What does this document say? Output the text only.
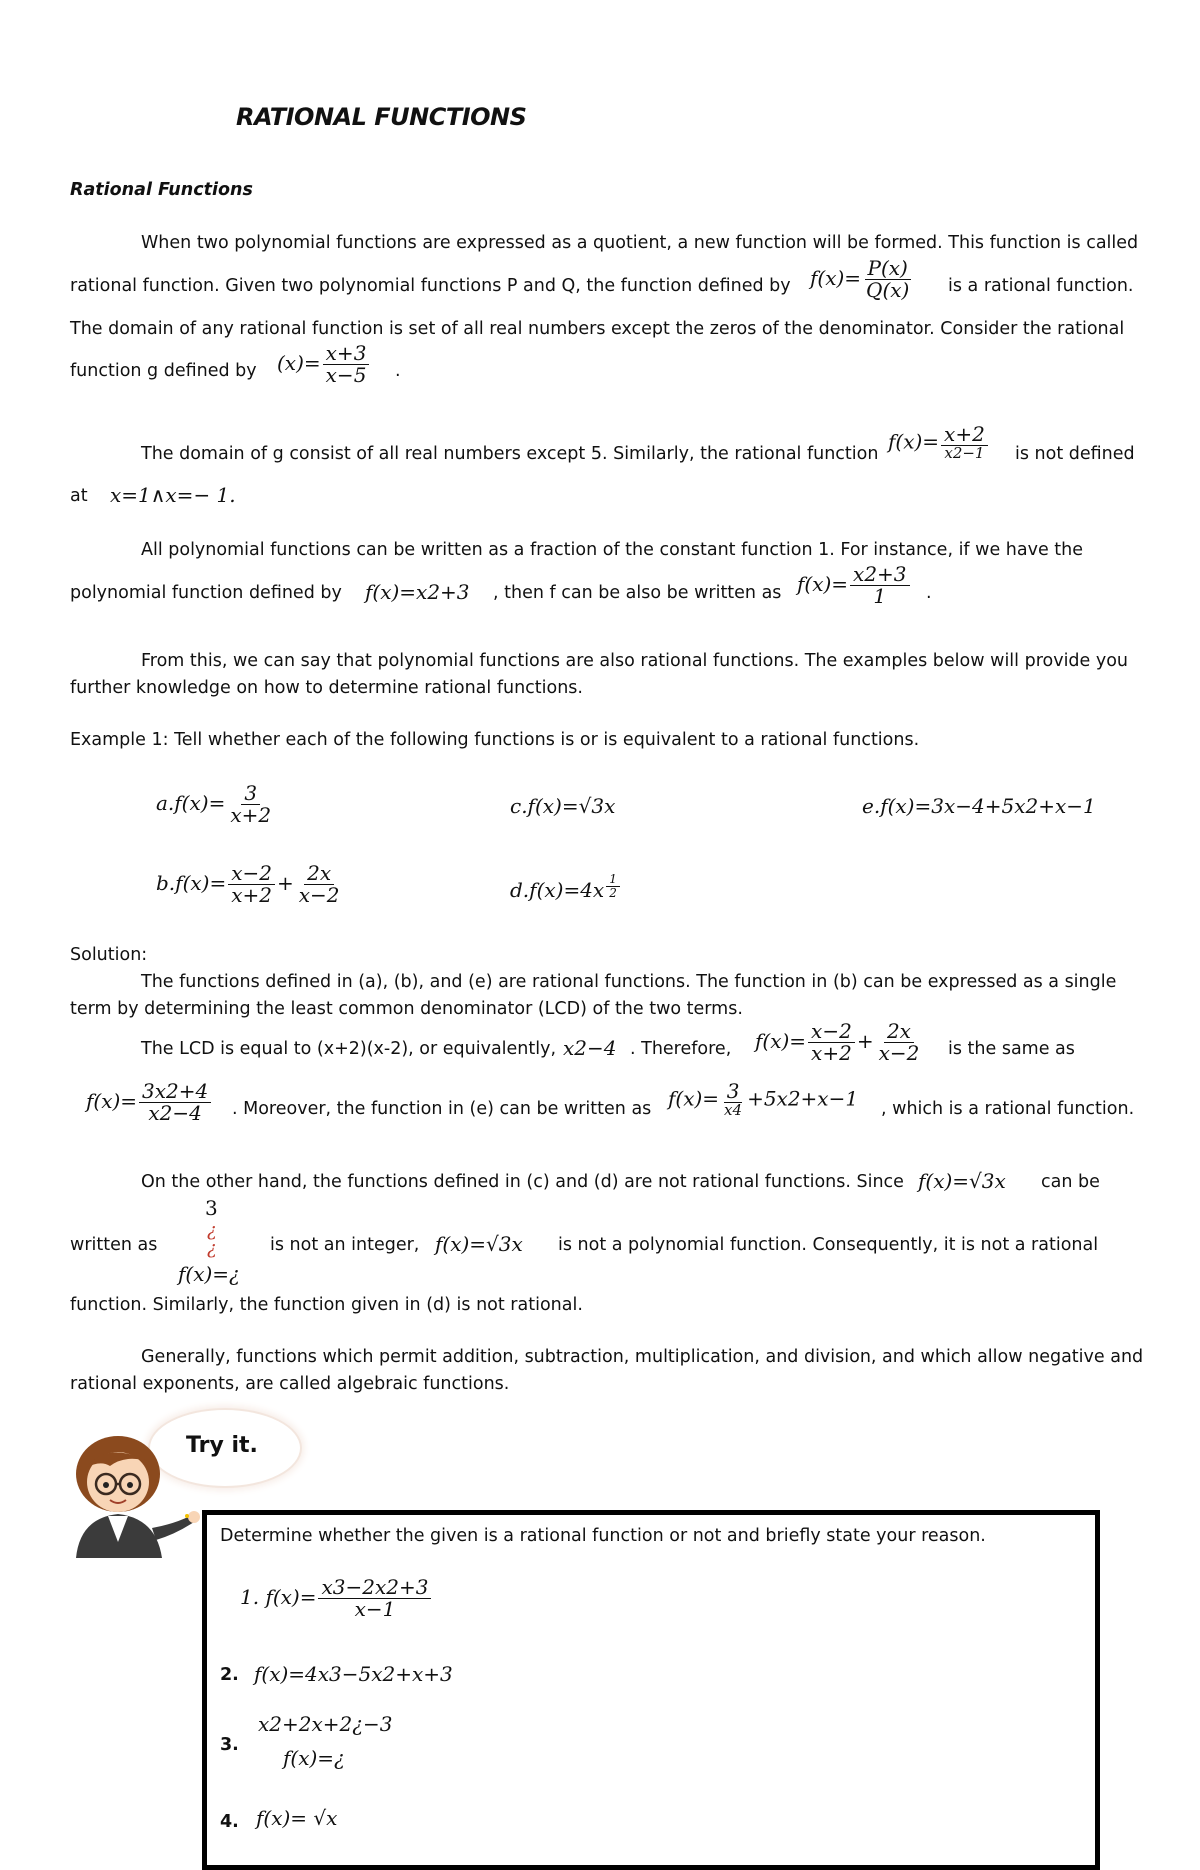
RATIONAL FUNCTIONS
Rational Functions
When two polynomial functions are expressed as a quotient, a new function will be formed. This function is called
rational function. Given two polynomial functions P and Q, the function defined by $f(x)= \frac{P(x)}{Q(x)}$ is a rational function.
The domain of any rational function is set of all real numbers except the zeros of the denominator. Consider the rational
function g defined by $(x)= \frac{x+3}{x-5}$ .
The domain of g consist of all real numbers except 5. Similarly, the rational function
$f(x)= \frac{x+2}{x2-1}$ is not defined
at x=1∧x=− 1.
All polynomial functions can be written as a fraction of the constant function 1. For instance, if we have the
polynomial function defined by f(x)=x2+3 , then f can be also be written as $f(x)= \frac{x2+3}{1}$ .
From this, we can say that polynomial functions are also rational functions. The examples below will provide you
further knowledge on how to determine rational functions.
Example 1: Tell whether each of the following functions is or is equivalent to a rational functions.
$a.f(x)= \frac{3}{x+2}$	c.f(x)=√3x	e.f(x)=3x−4+5x2+x−1
$b.f(x)= \frac{x-2}{x+2} + \frac{2x}{x-2}$	$d.f(x)=4x \frac{1}{2}$
Solution:
The functions defined in (a), (b), and (e) are rational functions. The function in (b) can be expressed as a single
term by determining the least common denominator (LCD) of the two terms.
The LCD is equal to (x+2)(x-2), or equivalently, x2−4 . Therefore, $f(x)= \frac{x-2}{x+2} + \frac{2x}{x-2}$ is the same as
$f(x)= \frac{3x2+4}{x2-4}$ . Moreover, the function in (e) can be written as $f(x)= \frac{3}{x4} +5x2+x-1$ , which is a rational function.
On the other hand, the functions defined in (c) and (d) are not rational functions. Since f(x)=√3x can be
3
¿
¿
written as
f(x)=¿
is not an integer, f(x)=√3x is not a polynomial function. Consequently, it is not a rational
function. Similarly, the function given in (d) is not rational.
Generally, functions which permit addition, subtraction, multiplication, and division, and which allow negative and
rational exponents, are called algebraic functions.
Try it.
Determine whether the given is a rational function or not and briefly state your reason.
1. $f(x)= \frac{x3-2x2+3}{x-1}$
2. f(x)=4x3−5x2+x+3
3.
x2+2x+2¿−3
f(x)=¿
4. f(x)= √x
